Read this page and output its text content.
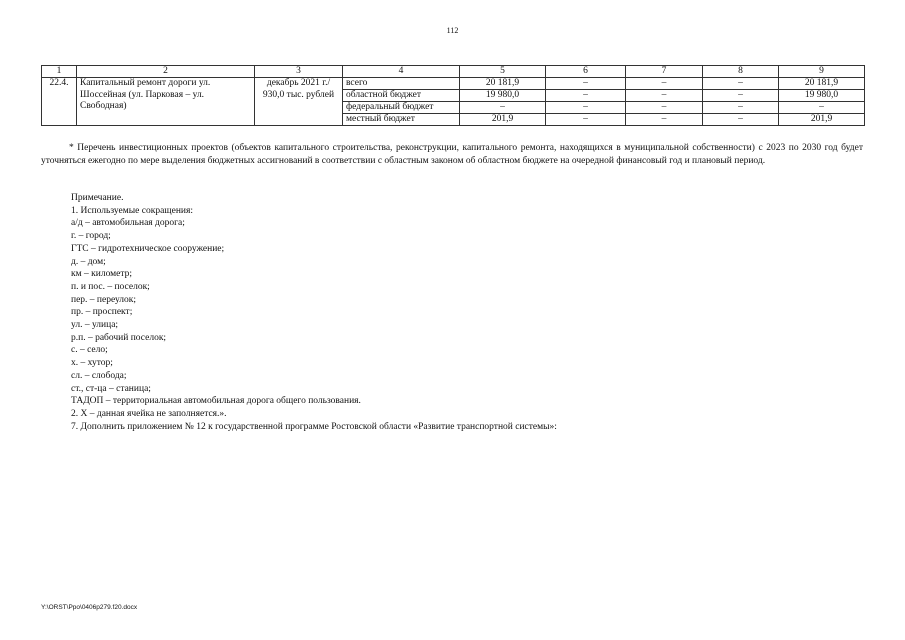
112
1	2	3	4	5	6	7	8	9
22.4.	Капитальный ремонт дороги ул. Шоссейная (ул. Парковая – ул. Свободная)	декабрь 2021 г./ 930,0 тыс. рублей	всего	20 181,9	–	–	–	20 181,9
			областной бюджет	19 980,0	–	–	–	19 980,0
			федеральный бюджет	–	–	–	–	–
			местный бюджет	201,9	–	–	–	201,9

* Перечень инвестиционных проектов (объектов капитального строительства, реконструкции, капитального ремонта, находящихся в муниципальной собственности) с 2023 по 2030 год будет уточняться ежегодно по мере выделения бюджетных ассигнований в соответствии с областным законом об областном бюджете на очередной финансовый год и плановый период.

Примечание.
1. Используемые сокращения:
а/д – автомобильная дорога;
г. – город;
ГТС – гидротехническое сооружение;
д. – дом;
км – километр;
п. и пос. – поселок;
пер. – переулок;
пр. – проспект;
ул. – улица;
р.п. – рабочий поселок;
с. – село;
х. – хутор;
сл. – слобода;
ст., ст-ца – станица;
ТАДОП – территориальная автомобильная дорога общего пользования.
2. Х – данная ячейка не заполняется.».
7. Дополнить приложением № 12 к государственной программе Ростовской области «Развитие транспортной системы»:
Y:\ORST\Ppo\0406p279.f20.docx
